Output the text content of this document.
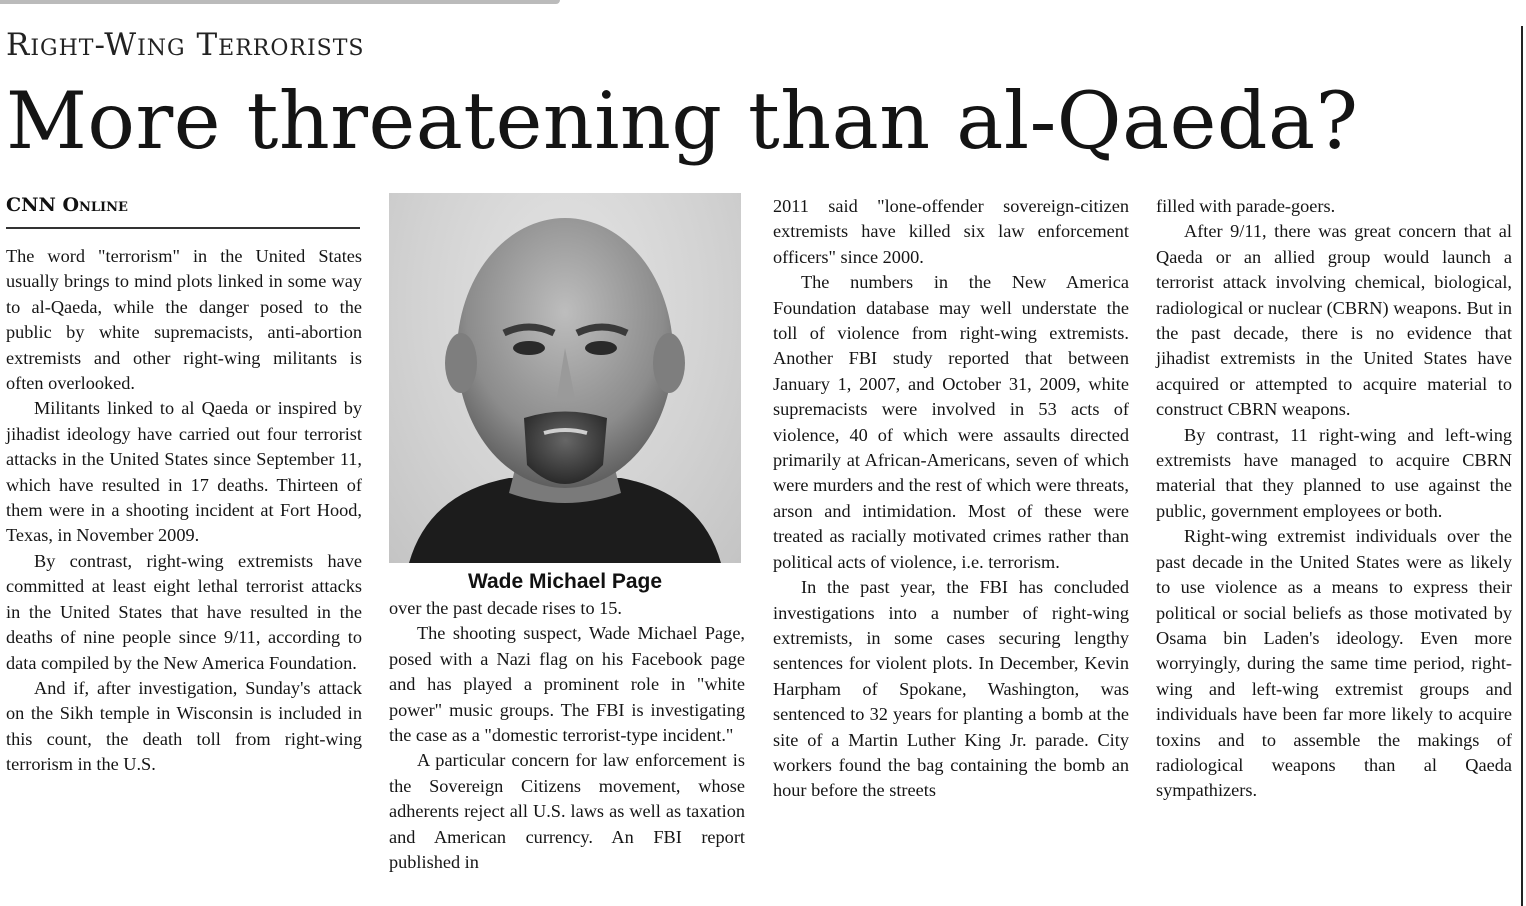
Right-Wing Terrorists
More threatening than al-Qaeda?
CNN Online

The word "terrorism" in the United States usually brings to mind plots linked in some way to al-Qaeda, while the danger posed to the public by white supremacists, anti-abortion extremists and other right-wing militants is often overlooked.

Militants linked to al Qaeda or inspired by jihadist ideology have carried out four terrorist attacks in the United States since September 11, which have resulted in 17 deaths. Thirteen of them were in a shooting incident at Fort Hood, Texas, in November 2009.

By contrast, right-wing extremists have committed at least eight lethal terrorist attacks in the United States that have resulted in the deaths of nine people since 9/11, according to data compiled by the New America Foundation.

And if, after investigation, Sunday's attack on the Sikh temple in Wisconsin is included in this count, the death toll from right-wing terrorism in the U.S.

Wade Michael Page

over the past decade rises to 15.

The shooting suspect, Wade Michael Page, posed with a Nazi flag on his Facebook page and has played a prominent role in "white power" music groups. The FBI is investigating the case as a "domestic terrorist-type incident."

A particular concern for law enforcement is the Sovereign Citizens movement, whose adherents reject all U.S. laws as well as taxation and American currency. An FBI report published in

2011 said "lone-offender sovereign-citizen extremists have killed six law enforcement officers" since 2000.

The numbers in the New America Foundation database may well understate the toll of violence from right-wing extremists. Another FBI study reported that between January 1, 2007, and October 31, 2009, white supremacists were involved in 53 acts of violence, 40 of which were assaults directed primarily at African-Americans, seven of which were murders and the rest of which were threats, arson and intimidation. Most of these were treated as racially motivated crimes rather than political acts of violence, i.e. terrorism.

In the past year, the FBI has concluded investigations into a number of right-wing extremists, in some cases securing lengthy sentences for violent plots. In December, Kevin Harpham of Spokane, Washington, was sentenced to 32 years for planting a bomb at the site of a Martin Luther King Jr. parade. City workers found the bag containing the bomb an hour before the streets

filled with parade-goers.

After 9/11, there was great concern that al Qaeda or an allied group would launch a terrorist attack involving chemical, biological, radiological or nuclear (CBRN) weapons. But in the past decade, there is no evidence that jihadist extremists in the United States have acquired or attempted to acquire material to construct CBRN weapons.

By contrast, 11 right-wing and left-wing extremists have managed to acquire CBRN material that they planned to use against the public, government employees or both.

Right-wing extremist individuals over the past decade in the United States were as likely to use violence as a means to express their political or social beliefs as those motivated by Osama bin Laden's ideology. Even more worryingly, during the same time period, right-wing and left-wing extremist groups and individuals have been far more likely to acquire toxins and to assemble the makings of radiological weapons than al Qaeda sympathizers.
